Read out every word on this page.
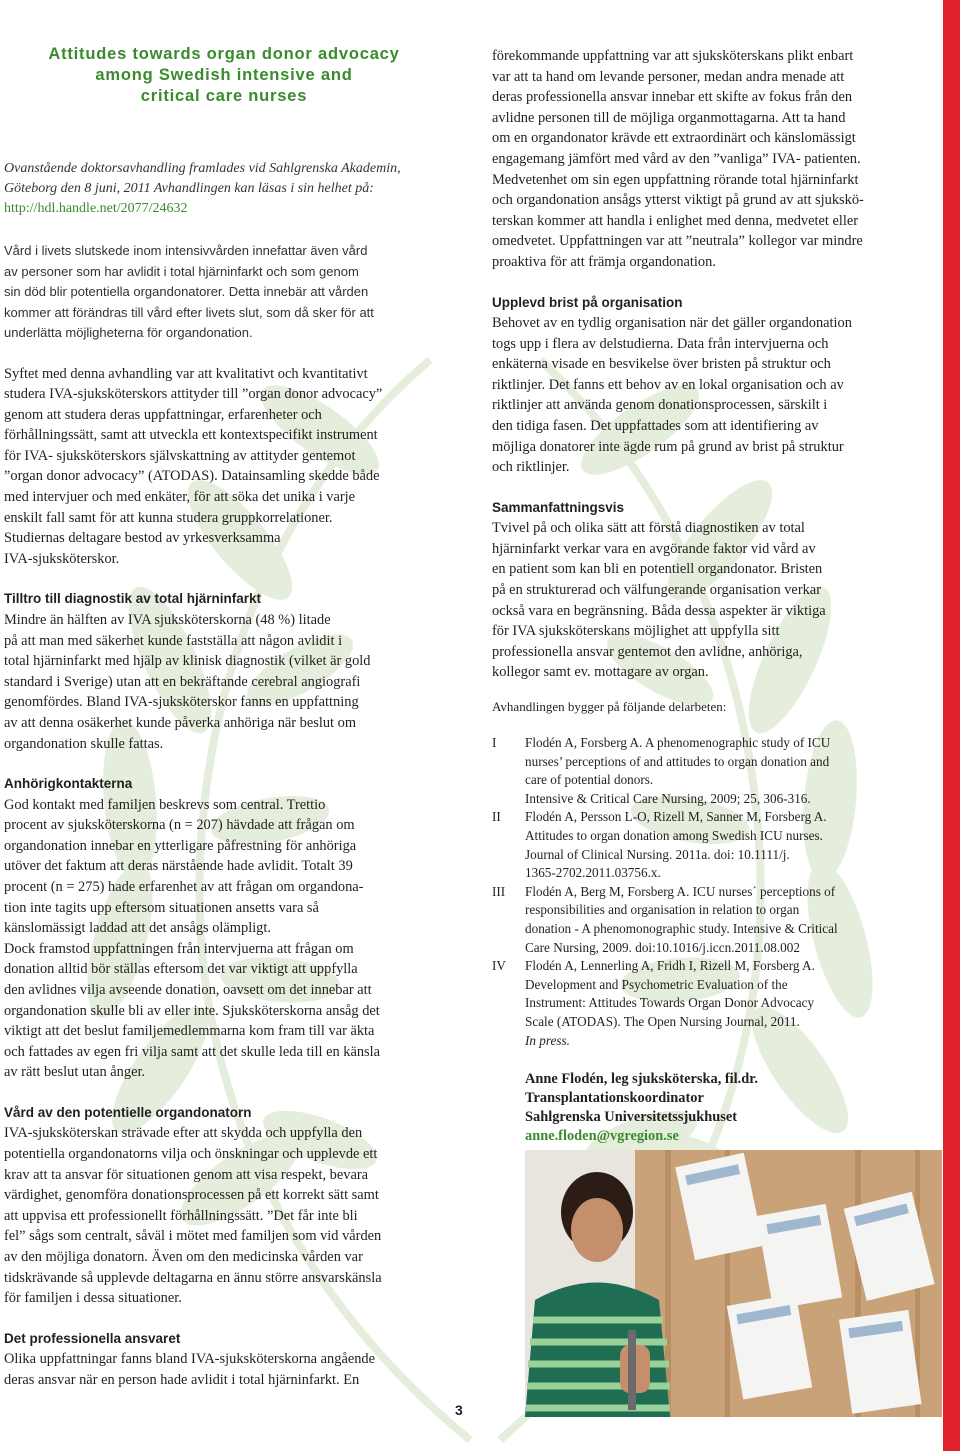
Attitudes towards organ donor advocacy
among Swedish intensive and
critical care nurses

Ovanstående doktorsavhandling framlades vid Sahlgrenska Akademin,

Göteborg den 8 juni, 2011 Avhandlingen kan läsas i sin helhet på:

http://hdl.handle.net/2077/24632

Vård i livets slutskede inom intensivvården innefattar även vård
av personer som har avlidit i total hjärninfarkt och som genom
sin död blir potentiella organdonatorer. Detta innebär att vården
kommer att förändras till vård efter livets slut, som då sker för att
underlätta möjligheterna för organdonation.
Syftet med denna avhandling var att kvalitativt och kvantitativt
studera IVA-sjuksköterskors attityder till ”organ donor advocacy”
genom att studera deras uppfattningar, erfarenheter och
förhållningssätt, samt att utveckla ett kontextspecifikt instrument
för IVA- sjuksköterskors självskattning av attityder gentemot
”organ donor advocacy” (ATODAS). Datainsamling skedde både
med intervjuer och med enkäter, för att söka det unika i varje
enskilt fall samt för att kunna studera gruppkorrelationer.
Studiernas deltagare bestod av yrkesverksamma
IVA-sjuksköterskor.
Tilltro till diagnostik av total hjärninfarkt
Mindre än hälften av IVA sjuksköterskorna (48 %) litade
på att man med säkerhet kunde fastställa att någon avlidit i
total hjärninfarkt med hjälp av klinisk diagnostik (vilket är gold
standard i Sverige) utan att en bekräftande cerebral angiografi
genomfördes. Bland IVA-sjuksköterskor fanns en uppfattning
av att denna osäkerhet kunde påverka anhöriga när beslut om
organdonation skulle fattas.
Anhörigkontakterna
God kontakt med familjen beskrevs som central. Trettio
procent av sjuksköterskorna (n = 207) hävdade att frågan om
organdonation innebar en ytterligare påfrestning för anhöriga
utöver det faktum att deras närstående hade avlidit. Totalt 39
procent (n = 275) hade erfarenhet av att frågan om organdona-
tion inte tagits upp eftersom situationen ansetts vara så
känslomässigt laddad att det ansågs olämpligt.
Dock framstod uppfattningen från intervjuerna att frågan om
donation alltid bör ställas eftersom det var viktigt att uppfylla
den avlidnes vilja avseende donation, oavsett om det innebar att
organdonation skulle bli av eller inte. Sjuksköterskorna ansåg det
viktigt att det beslut familjemedlemmarna kom fram till var äkta
och fattades av egen fri vilja samt att det skulle leda till en känsla
av rätt beslut utan ånger.
Vård av den potentielle organdonatorn
IVA-sjuksköterskan strävade efter att skydda och uppfylla den
potentiella organdonatorns vilja och önskningar och upplevde ett
krav att ta ansvar för situationen genom att visa respekt, bevara
värdighet, genomföra donationsprocessen på ett korrekt sätt samt
att uppvisa ett professionellt förhållningssätt. ”Det får inte bli
fel” sågs som centralt, såväl i mötet med familjen som vid vården
av den möjliga donatorn. Även om den medicinska vården var
tidskrävande så upplevde deltagarna en ännu större ansvarskänsla
för familjen i dessa situationer.
Det professionella ansvaret
Olika uppfattningar fanns bland IVA-sjuksköterskorna angående
deras ansvar när en person hade avlidit i total hjärninfarkt. En
förekommande uppfattning var att sjuksköterskans plikt enbart
var att ta hand om levande personer, medan andra menade att
deras professionella ansvar innebar ett skifte av fokus från den
avlidne personen till de möjliga organmottagarna. Att ta hand
om en organdonator krävde ett extraordinärt och känslomässigt
engagemang jämfört med vård av den ”vanliga” IVA- patienten.
Medvetenhet om sin egen uppfattning rörande total hjärninfarkt
och organdonation ansågs ytterst viktigt på grund av att sjukskö-
terskan kommer att handla i enlighet med denna, medvetet eller
omedvetet. Uppfattningen var att ”neutrala” kollegor var mindre
proaktiva för att främja organdonation.
Upplevd brist på organisation
Behovet av en tydlig organisation när det gäller organdonation
togs upp i flera av delstudierna. Data från intervjuerna och
enkäterna visade en besvikelse över bristen på struktur och
riktlinjer. Det fanns ett behov av en lokal organisation och av
riktlinjer att använda genom donationsprocessen, särskilt i
den tidiga fasen. Det uppfattades som att identifiering av
möjliga donatorer inte ägde rum på grund av brist på struktur
och riktlinjer.
Sammanfattningsvis
Tvivel på och olika sätt att förstå diagnostiken av total
hjärninfarkt verkar vara en avgörande faktor vid vård av
en patient som kan bli en potentiell organdonator. Bristen
på en strukturerad och välfungerande organisation verkar
också vara en begränsning. Båda dessa aspekter är viktiga
för IVA sjuksköterskans möjlighet att uppfylla sitt
professionella ansvar gentemot den avlidne, anhöriga,
kollegor samt ev. mottagare av organ.

Avhandlingen bygger på följande delarbeten:

I	Flodén A, Forsberg A. A phenomenographic study of ICU
nurses’ perceptions of and attitudes to organ donation and
care of potential donors.
Intensive & Critical Care Nursing, 2009; 25, 306-316.
II	Flodén A, Persson L-O, Rizell M, Sanner M, Forsberg A.
Attitudes to organ donation among Swedish ICU nurses.
Journal of Clinical Nursing. 2011a. doi: 10.1111/j.
1365-2702.2011.03756.x.
III	Flodén A, Berg M, Forsberg A. ICU nurses´ perceptions of
responsibilities and organisation in relation to organ
donation - A phenomonographic study. Intensive & Critical
Care Nursing, 2009. doi:10.1016/j.iccn.2011.08.002
IV	Flodén A, Lennerling A, Fridh I, Rizell M, Forsberg A.
Development and Psychometric Evaluation of the
Instrument: Attitudes Towards Organ Donor Advocacy
Scale (ATODAS). The Open Nursing Journal, 2011.
In press.
Anne Flodén, leg sjuksköterska, fil.dr.
Transplantationskoordinator
Sahlgrenska Universitetssjukhuset
anne.floden@vgregion.se
3
